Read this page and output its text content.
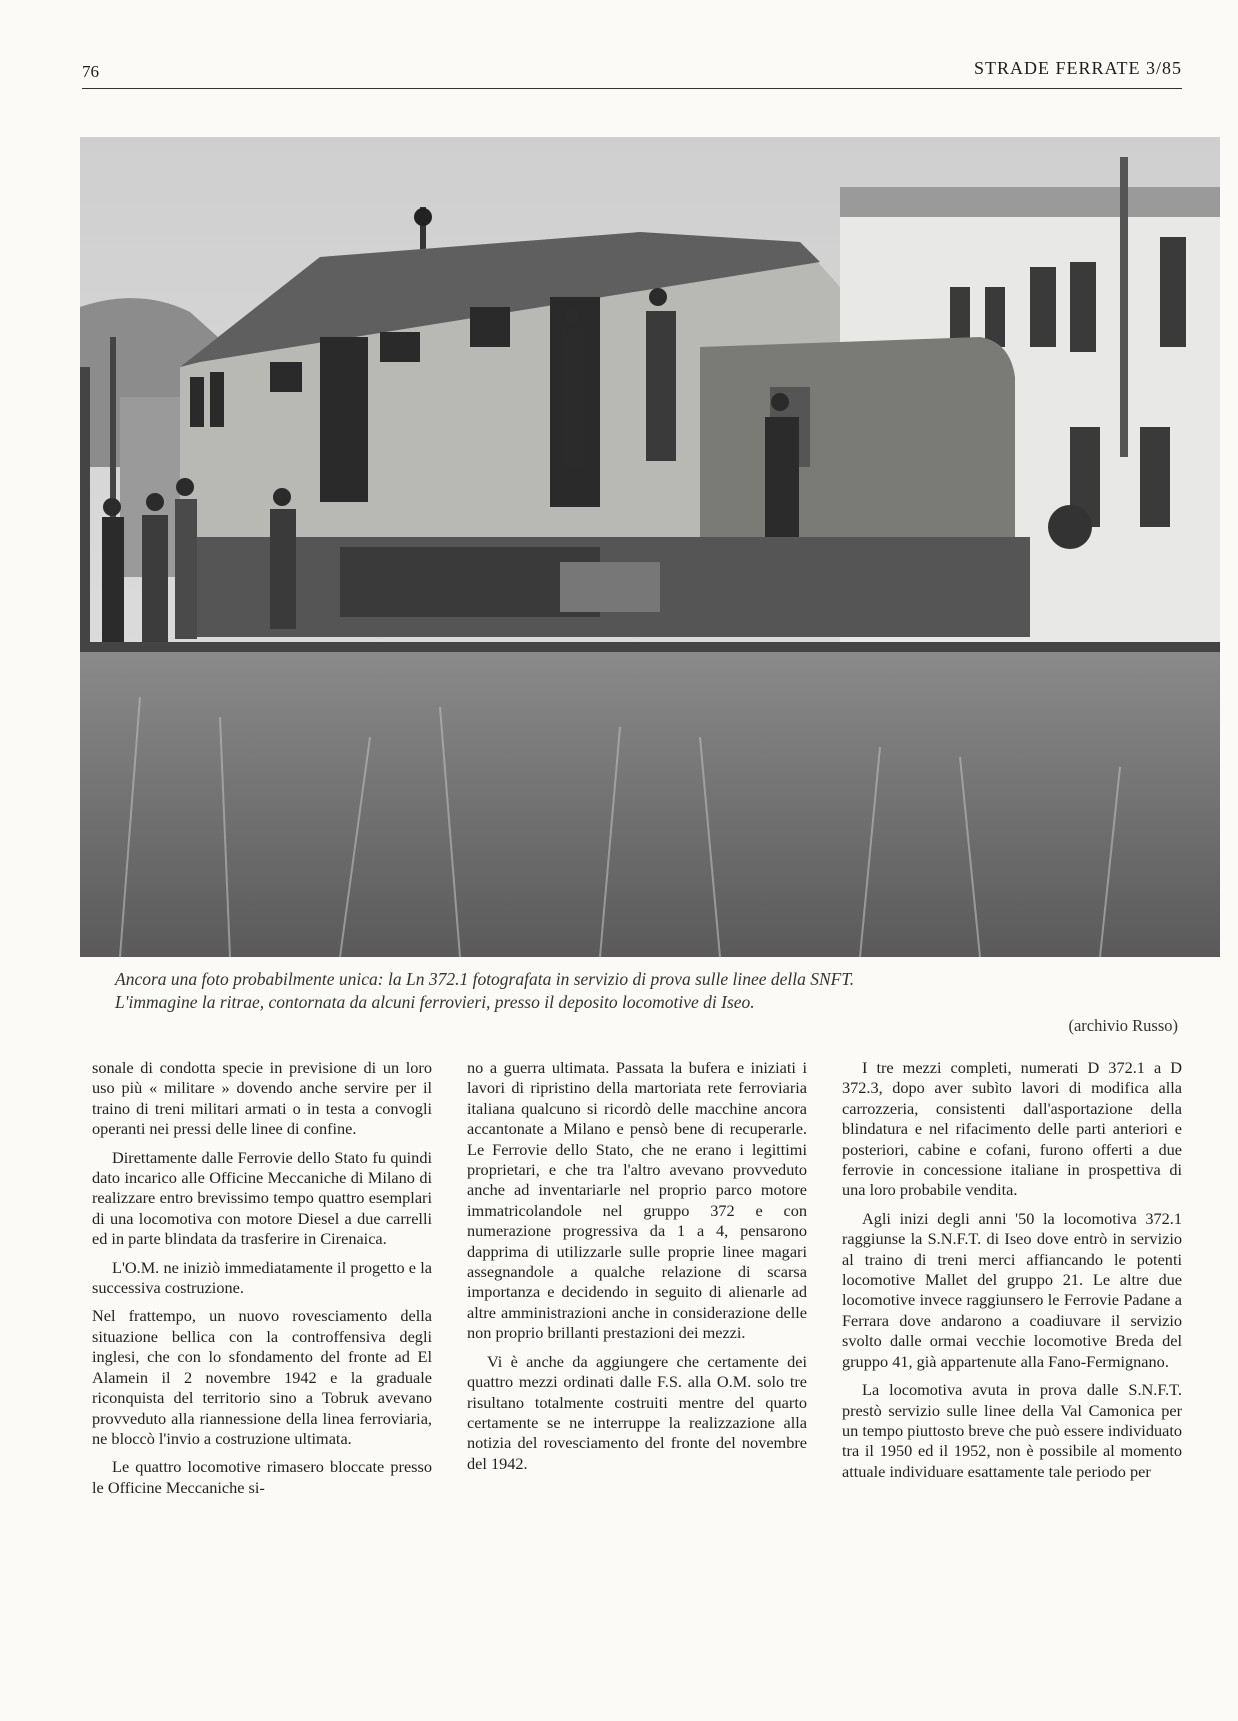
76	STRADE FERRATE 3/85
Ancora una foto probabilmente unica: la Ln 372.1 fotografata in servizio di prova sulle linee della SNFT.
L'immagine la ritrae, contornata da alcuni ferrovieri, presso il deposito locomotive di Iseo.
(archivio Russo)

sonale di condotta specie in previsione di un loro uso più « militare » dovendo anche servire per il traino di treni militari armati o in testa a convogli operanti nei pressi delle linee di confine.

Direttamente dalle Ferrovie dello Stato fu quindi dato incarico alle Officine Meccaniche di Milano di realizzare entro brevissimo tempo quattro esemplari di una locomotiva con motore Diesel a due carrelli ed in parte blindata da trasferire in Cirenaica.

L'O.M. ne iniziò immediatamente il progetto e la successiva costruzione.

Nel frattempo, un nuovo rovesciamento della situazione bellica con la controffensiva degli inglesi, che con lo sfondamento del fronte ad El Alamein il 2 novembre 1942 e la graduale riconquista del territorio sino a Tobruk avevano provveduto alla riannessione della linea ferroviaria, ne bloccò l'invio a costruzione ultimata.

Le quattro locomotive rimasero bloccate presso le Officine Meccaniche si-

no a guerra ultimata. Passata la bufera e iniziati i lavori di ripristino della martoriata rete ferroviaria italiana qualcuno si ricordò delle macchine ancora accantonate a Milano e pensò bene di recuperarle. Le Ferrovie dello Stato, che ne erano i legittimi proprietari, e che tra l'altro avevano provveduto anche ad inventariarle nel proprio parco motore immatricolandole nel gruppo 372 e con numerazione progressiva da 1 a 4, pensarono dapprima di utilizzarle sulle proprie linee magari assegnandole a qualche relazione di scarsa importanza e decidendo in seguito di alienarle ad altre amministrazioni anche in considerazione delle non proprio brillanti prestazioni dei mezzi.

Vi è anche da aggiungere che certamente dei quattro mezzi ordinati dalle F.S. alla O.M. solo tre risultano totalmente costruiti mentre del quarto certamente se ne interruppe la realizzazione alla notizia del rovesciamento del fronte del novembre del 1942.

I tre mezzi completi, numerati D 372.1 a D 372.3, dopo aver subìto lavori di modifica alla carrozzeria, consistenti dall'asportazione della blindatura e nel rifacimento delle parti anteriori e posteriori, cabine e cofani, furono offerti a due ferrovie in concessione italiane in prospettiva di una loro probabile vendita.

Agli inizi degli anni '50 la locomotiva 372.1 raggiunse la S.N.F.T. di Iseo dove entrò in servizio al traino di treni merci affiancando le potenti locomotive Mallet del gruppo 21. Le altre due locomotive invece raggiunsero le Ferrovie Padane a Ferrara dove andarono a coadiuvare il servizio svolto dalle ormai vecchie locomotive Breda del gruppo 41, già appartenute alla Fano-Fermignano.

La locomotiva avuta in prova dalle S.N.F.T. prestò servizio sulle linee della Val Camonica per un tempo piuttosto breve che può essere individuato tra il 1950 ed il 1952, non è possibile al momento attuale individuare esattamente tale periodo per
